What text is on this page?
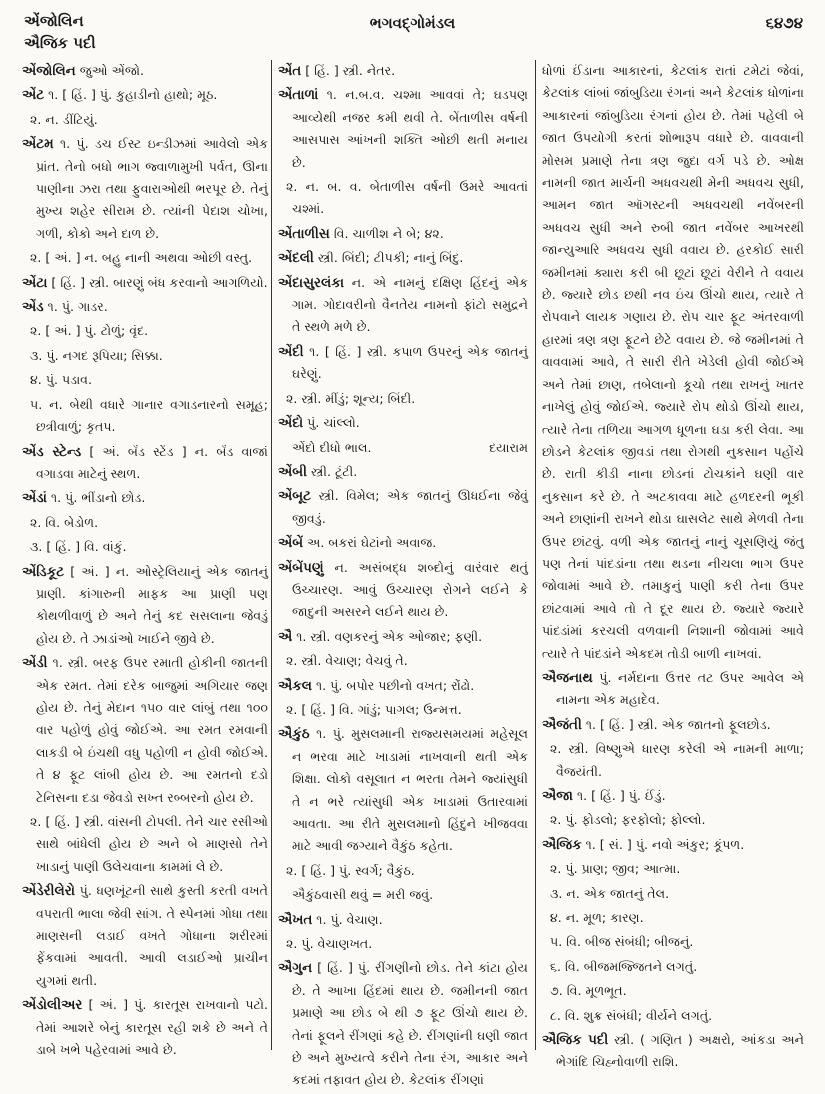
એંજોલિન
ઐજિક પદી
ભગવદ્ગોમંડલ	૬૪૭૪
એંજોલિન જુઓ એંજો.
એંટ ૧. [ હિં. ] પું. કુહાડીનો હાથો; મૂઠ.
૨. ન. ડીંટિયું.
એંટમ ૧. પું. ડચ ઈસ્ટ ઇન્ડીઝમાં આવેલો એક પ્રાંત. તેનો બધો ભાગ જ્વાળામુખી પર્વત, ઊના પાણીના ઝરા તથા ફુવારાઓથી ભરપૂર છે. તેનું મુખ્ય શહેર સીરામ છે. ત્યાંની પેદાશ ચોખા, ગળી, કોકો અને દાળ છે.
૨. [ અં. ] ન. બહુ નાની અથવા ઓછી વસ્તુ.
એંટા [ હિં. ] સ્ત્રી. બારણું બંધ કરવાનો આગળિયો.
એંડ ૧. પું. ગાડર.
૨. [ અં. ] પું. ટોળું; વૃંદ.
૩. પું. નગદ રૂપિયા; સિક્કા.
૪. પું. પડાવ.
૫. ન. બેથી વધારે ગાનાર વગાડનારનો સમૂહ; છત્રીવાળું; કૃતપ.
એંડ સ્ટેન્ડ [ અં. બૅંડ સ્ટેંડ ] ન. બૅંડ વાજાં વગાડવા માટેનું સ્થળ.
એંડાં ૧. પું. ભીંડાનો છોડ.
૨. વિ. બેડોળ.
૩. [ હિં. ] વિ. વાંકું.
એંડિકૂટ [ અં. ] ન. ઓસ્ટ્રેલિયાનું એક જાતનું પ્રાણી. કાંગારુની માફક આ પ્રાણી પણ કોથળીવાળું છે અને તેનું કદ સસલાના જેવડું હોય છે. તે ઝાડાંઓ ખાઈને જીવે છે.
એંડી ૧. સ્ત્રી. બરફ ઉપર રમાતી હોકીની જાતની એક રમત. તેમાં દરેક બાજુમાં અગિયાર જણ હોય છે. તેનું મેદાન ૧૫૦ વાર લાંબું તથા ૧૦૦ વાર પહોળું હોવું જોઈએ. આ રમત રમવાની લાકડી બે ઇંચથી વધુ પહોળી ન હોવી જોઈએ. તે ૪ ફૂટ લાંબી હોય છે. આ રમતનો દડો ટેનિસના દડા જેવડો સખ્ત રબ્બરનો હોય છે.
૨. [ હિં. ] સ્ત્રી. વાંસની ટોપલી. તેને ચાર રસીઓ સાથે બાંધેલી હોય છે અને બે માણસો તેને ખાડાનું પાણી ઉલેચવાના કામમાં લે છે.
એંડેરીલેરો પું. ધણખૂંટની સાથે કુસ્તી કરતી વખતે વપરાતી ભાલા જેવી સાંગ. તે સ્પેનમાં ગોધા તથા માણસની લડાઈ વખતે ગોધાના શરીરમાં ફેંકવામાં આવતી. આવી લડાઈઓ પ્રાચીન યુગમાં થતી.
એંડોલીઅર [ અં. ] પું. કારતૂસ રાખવાનો પટો. તેમાં આશરે બેનું કારતૂસ રહી શકે છે અને તે ડાબે ખભે પહેરવામાં આવે છે.
એંત [ હિં. ] સ્ત્રી. નેતર.
એંતાળાં ૧. ન.બ.વ. ચશ્મા આવવાં તે; ઘડપણ આવ્યેથી નજર કમી થવી તે. બેંતાળીસ વર્ષની આસપાસ આંખની શક્તિ ઓછી થતી મનાય છે.
૨. ન. બ. વ. બેતાળીસ વર્ષની ઉમરે આવતાં ચશ્માં.
એંતાળીસ વિ. ચાળીશ ને બે; ૪૨.
એંદલી સ્ત્રી. બિંદી; ટીપકી; નાનું બિંદુ.
એંદાસુરલંકા ન. એ નામનું દક્ષિણ હિંદનું એક ગામ. ગોદાવરીનો વૈનતેય નામનો ફાંટો સમુદ્રને તે સ્થળે મળે છે.
એંદી ૧. [ હિં. ] સ્ત્રી. કપાળ ઉપરનું એક જાતનું ઘરેણું.
૨. સ્ત્રી. મીંડું; શૂન્ય; બિંદી.
એંદો પું. ચાંલ્લો.
એંદો દીધો ભાલ.	દયારામ
એંબી સ્ત્રી. ટૂંટી.
એંબૂટ સ્ત્રી. વિમેલ; એક જાતનું ઊધઈના જેવું જીવડું.
એંબેં અ. બકરાં ઘેટાંનો અવાજ.
એંબેંપણું ન. અસંબદ્ધ શબ્દોનું વારંવાર થતું ઉચ્ચારણ. આવું ઉચ્ચારણ રોગને લઈને કે જાદુની અસરને લઈને થાય છે.
ઐ ૧. સ્ત્રી. વણકરનું એક ઓજાર; ફણી.
૨. સ્ત્રી. વેચાણ; વેચવું તે.
ઐકલ ૧. પું. બપોર પછીનો વખત; રોંઢો.
૨. [ હિં. ] વિ. ગાંડું; પાગલ; ઉન્મત્ત.
ઐકુંઠ ૧. પું. મુસલમાની રાજ્યસમયમાં મહેસૂલ ન ભરવા માટે ખાડામાં નાખવાની થતી એક શિક્ષા. લોકો વસૂલાત ન ભરતા તેમને જ્યાંસુધી તે ન ભરે ત્યાંસુધી એક ખાડામાં ઉતારવામાં આવતા. આ રીતે મુસલમાનો હિંદુને ખીજવવા માટે આવી જગ્યાને વૈકુંઠ કહેતા.
૨. [ હિં. ] પું. સ્વર્ગ; વૈકુંઠ.
ઐકુંઠવાસી થવું = મરી જવું.
ઐખત ૧. પું. વેચાણ.
૨. પું. વેચાણખત.
ઐગુન [ હિં. ] પું. રીંગણીનો છોડ. તેને કાંટા હોય છે. તે આખા હિંદમાં થાય છે. જમીનની જાત પ્રમાણે આ છોડ બે થી ૭ ફૂટ ઊંચો થાય છે. તેનાં ફૂલને રીંગણાં કહે છે. રીંગણાંની ઘણી જાત છે અને મુખ્યત્વે કરીને તેના રંગ, આકાર અને કદમાં તફાવત હોય છે. કેટલાંક રીંગણાં
ધોળાં ઈંડાના આકારનાં, કેટલાંક રાતાં ટમેટાં જેવાં, કેટલાંક લાંબાં જાંબુડિયા રંગનાં અને કેટલાંક ધોળાંના આકારનાં જાંબુડિયા રંગનાં હોય છે. તેમાં પહેલી બે જાત ઉપયોગી કરતાં શોભારૂપ વધારે છે. વાવવાની મોસમ પ્રમાણે તેના ત્રણ જુદા વર્ગ પડે છે. ઓક્ષ નામની જાત માર્ચની અધવચથી મેની અધવચ સુધી, આમન જાત ઑગસ્ટની અધવચથી નવેંબરની અધવચ સુધી અને રુબી જાત નવેંબર આખરથી જાન્યુઆરિ અધવચ સુધી વવાય છે. હરકોઈ સારી જમીનમાં ક્યારા કરી બી છૂટાં છૂટાં વેરીને તે વવાય છે. જ્યારે છોડ છથી નવ ઇંચ ઊંચો થાય, ત્યારે તે રોપવાને લાયક ગણાય છે. રોપ ચાર ફૂટ અંતરવાળી હારમાં ત્રણ ત્રણ ફૂટને છેટે વવાય છે. જે જમીનમાં તે વાવવામાં આવે, તે સારી રીતે ખેડેલી હોવી જોઈએ અને તેમાં છાણ, તબેલાનો કૂચો તથા રાખનું ખાતર નાખેલું હોવું જોઈએ. જ્યારે રોપ થોડો ઊંચો થાય, ત્યારે તેના તળિયા આગળ ધૂળના ઘડા કરી લેવા. આ છોડને કેટલાંક જીવડાં તથા રોગથી નુકસાન પહોંચે છે. રાતી કીડી નાના છોડનાં ટોચકાંને ઘણી વાર નુકસાન કરે છે. તે અટકાવવા માટે હળદરની ભૂકી અને છાણાંની રાખને થોડા ઘાસલેટ સાથે મેળવી તેના ઉપર છાંટવું. વળી એક જાતનું નાનું ચૂસણિયું જંતુ પણ તેનાં પાંદડાંના તથા થડના નીચલા ભાગ ઉપર જોવામાં આવે છે. તમાકુનું પાણી કરી તેના ઉપર છાંટવામાં આવે તો તે દૂર થાય છે. જ્યારે જ્યારે પાંદડાંમાં કરચલી વળવાની નિશાની જોવામાં આવે ત્યારે તે પાંદડાંને એકદમ તોડી બાળી નાખવાં.
ઐજનાથ પું. નર્મદાના ઉત્તર તટ ઉપર આવેલ એ નામના એક મહાદેવ.
ઐજંતી ૧. [ હિં. ] સ્ત્રી. એક જાતનો ફૂલછોડ.
૨. સ્ત્રી. વિષ્ણુએ ધારણ કરેલી એ નામની માળા; વૈજયંતી.
ઐજા ૧. [ હિં. ] પું. ઈંડું.
૨. પું. ફોડલો; ફરફોલો; ફોલ્લો.
ઐજિક ૧. [ સં. ] પું. નવો અંકુર; કૂંપળ.
૨. પું. પ્રાણ; જીવ; આત્મા.
૩. ન. એક જાતનું તેલ.
૪. ન. મૂળ; કારણ.
૫. વિ. બીજ સંબંધી; બીજનું.
૬. વિ. બીજમજ્જિતને લગતું.
૭. વિ. મૂળભૂત.
૮. વિ. શુક્ર સંબંધી; વીર્યને લગતું.
ઐજિક પદી સ્ત્રી. ( ગણિત ) અક્ષરો, આંકડા અને ભેગાંદિ ચિહ્નોવાળી રાશિ.
